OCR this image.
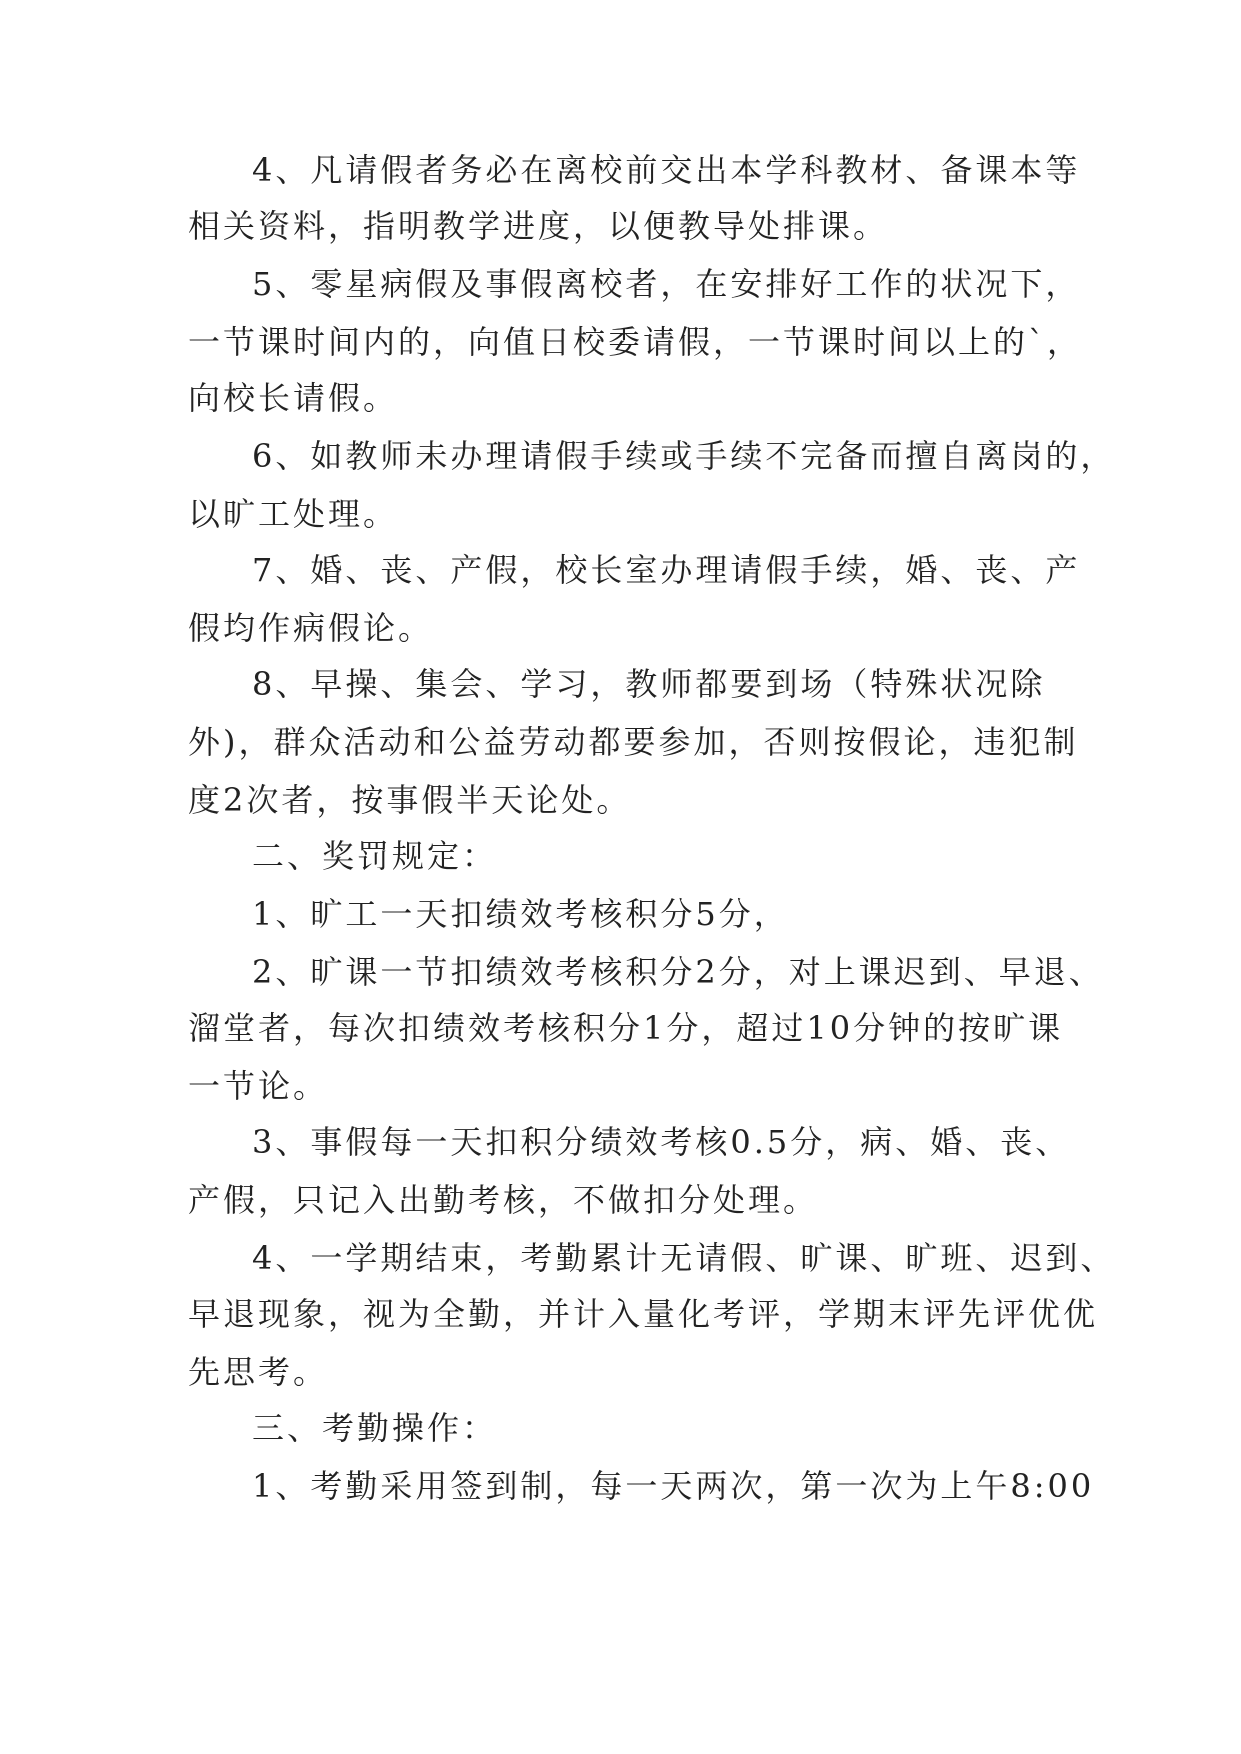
4、凡请假者务必在离校前交出本学科教材、备课本等
相关资料，指明教学进度，以便教导处排课。
5、零星病假及事假离校者，在安排好工作的状况下，
一节课时间内的，向值日校委请假，一节课时间以上的`，
向校长请假。
6、如教师未办理请假手续或手续不完备而擅自离岗的，
以旷工处理。
7、婚、丧、产假，校长室办理请假手续，婚、丧、产
假均作病假论。
8、早操、集会、学习，教师都要到场（特殊状况除
外)，群众活动和公益劳动都要参加，否则按假论，违犯制
度2次者，按事假半天论处。
二、奖罚规定：
1、旷工一天扣绩效考核积分5分，
2、旷课一节扣绩效考核积分2分，对上课迟到、早退、
溜堂者，每次扣绩效考核积分1分，超过10分钟的按旷课
一节论。
3、事假每一天扣积分绩效考核0.5分，病、婚、丧、
产假，只记入出勤考核，不做扣分处理。
4、一学期结束，考勤累计无请假、旷课、旷班、迟到、
早退现象，视为全勤，并计入量化考评，学期末评先评优优
先思考。
三、考勤操作：
1、考勤采用签到制，每一天两次，第一次为上午8:00
